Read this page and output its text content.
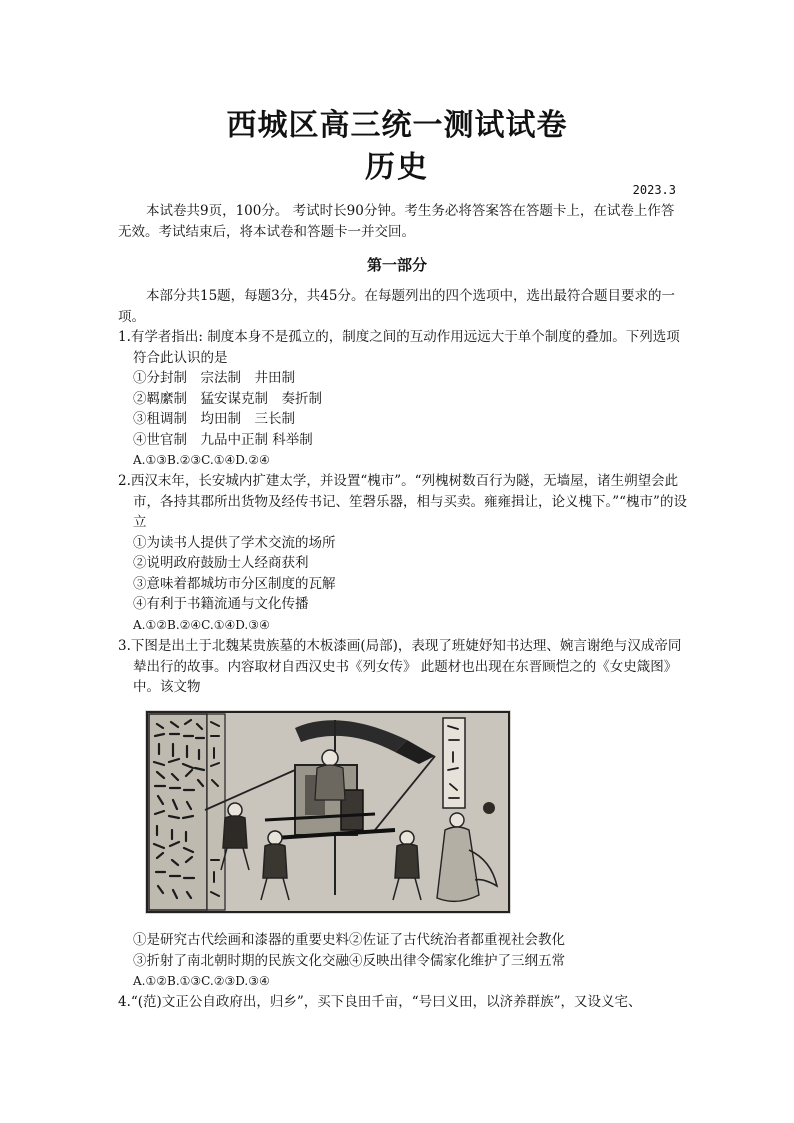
西城区高三统一测试试卷
历史
2023.3
本试卷共9页，100分。 考试时长90分钟。考生务必将答案答在答题卡上，在试卷上作答无效。考试结束后，将本试卷和答题卡一并交回。
第一部分
本部分共15题，每题3分，共45分。在每题列出的四个选项中，选出最符合题目要求的一项。
1.有学者指出: 制度本身不是孤立的，制度之间的互动作用远远大于单个制度的叠加。下列选项符合此认识的是
①分封制　宗法制　井田制
②羁縻制　猛安谋克制　奏折制
③租调制　均田制　三长制
④世官制　九品中正制 科举制
A.①③B.②③C.①④D.②④
2.西汉末年，长安城内扩建太学，并设置“槐市”。“列槐树数百行为隧，无墙屋，诸生朔望会此市，各持其郡所出货物及经传书记、笙磬乐器，相与买卖。雍雍揖让，论义槐下。”“槐市”的设立
①为读书人提供了学术交流的场所
②说明政府鼓励士人经商获利
③意味着都城坊市分区制度的瓦解
④有利于书籍流通与文化传播
A.①②B.②④C.①④D.③④
3.下图是出土于北魏某贵族墓的木板漆画(局部)，表现了班婕妤知书达理、婉言谢绝与汉成帝同辇出行的故事。内容取材自西汉史书《列女传》 此题材也出现在东晋顾恺之的《女史箴图》中。该文物
①是研究古代绘画和漆器的重要史料②佐证了古代统治者都重视社会教化
③折射了南北朝时期的民族文化交融④反映出律令儒家化维护了三纲五常
A.①②B.①③C.②③D.③④
4.“(范)文正公自政府出，归乡”，买下良田千亩，“号曰义田，以济养群族”，又设义宅、
